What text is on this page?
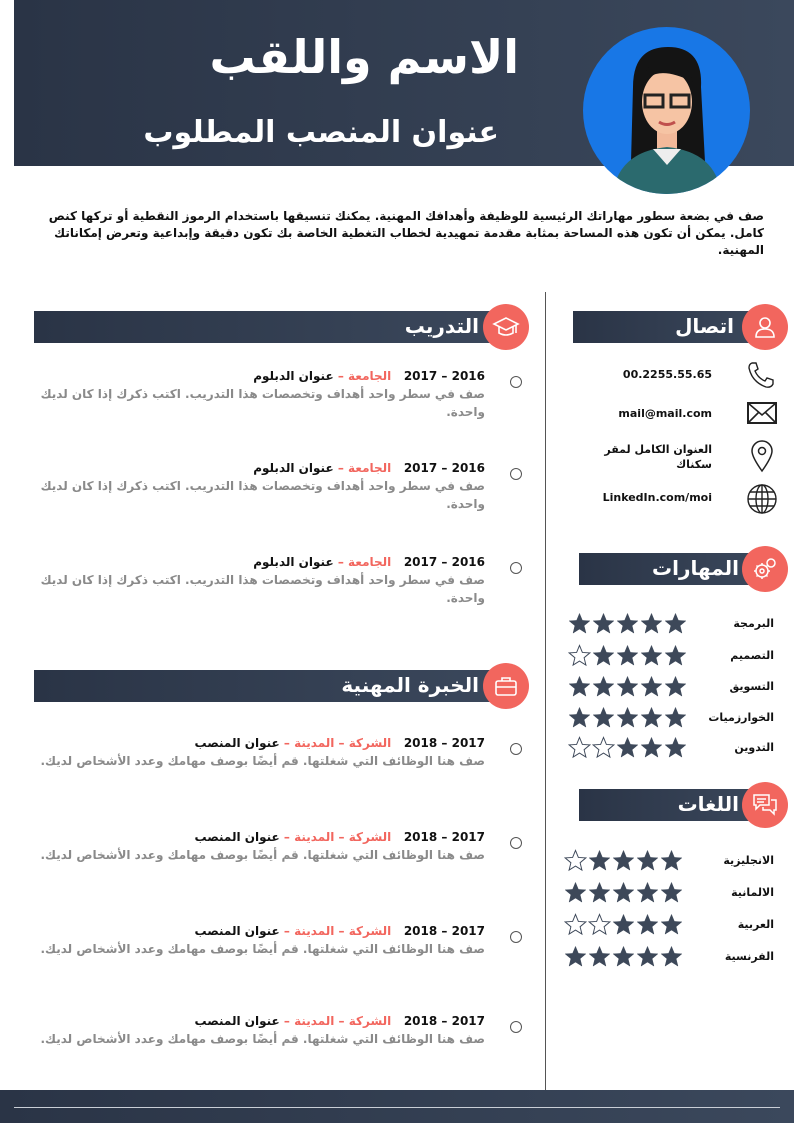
الاسم واللقب
عنوان المنصب المطلوب
صف في بضعة سطور مهاراتك الرئيسية للوظيفة وأهدافك المهنية. يمكنك تنسيقها باستخدام الرموز النقطية أو تركها كنص كامل. يمكن أن تكون هذه المساحة بمثابة مقدمة تمهيدية لخطاب التغطية الخاصة بك تكون دقيقة وإبداعية وتعرض إمكاناتك المهنية.
التدريب
2016 – 2017   الجامعة – عنوان الدبلوم
صف في سطر واحد أهداف وتخصصات هذا التدريب. اكتب ذكرك إذا كان لديك واحدة.
2016 – 2017   الجامعة – عنوان الدبلوم
صف في سطر واحد أهداف وتخصصات هذا التدريب. اكتب ذكرك إذا كان لديك واحدة.
2016 – 2017   الجامعة – عنوان الدبلوم
صف في سطر واحد أهداف وتخصصات هذا التدريب. اكتب ذكرك إذا كان لديك واحدة.
الخبرة المهنية
2017 – 2018   الشركة – المدينة – عنوان المنصب
صف هنا الوظائف التي شغلتها. قم أيضًا بوصف مهامك وعدد الأشخاص لديك.
2017 – 2018   الشركة – المدينة – عنوان المنصب
صف هنا الوظائف التي شغلتها. قم أيضًا بوصف مهامك وعدد الأشخاص لديك.
2017 – 2018   الشركة – المدينة – عنوان المنصب
صف هنا الوظائف التي شغلتها. قم أيضًا بوصف مهامك وعدد الأشخاص لديك.
2017 – 2018   الشركة – المدينة – عنوان المنصب
صف هنا الوظائف التي شغلتها. قم أيضًا بوصف مهامك وعدد الأشخاص لديك.
اتصال
00.2255.55.65
mail@mail.com
العنوان الكامل لمقر سكناك
LinkedIn.com/moi
المهارات
البرمجة
التصميم
التسويق
الخوارزميات
التدوين
اللغات
الانجليزية
الالمانية
العربية
الفرنسية
